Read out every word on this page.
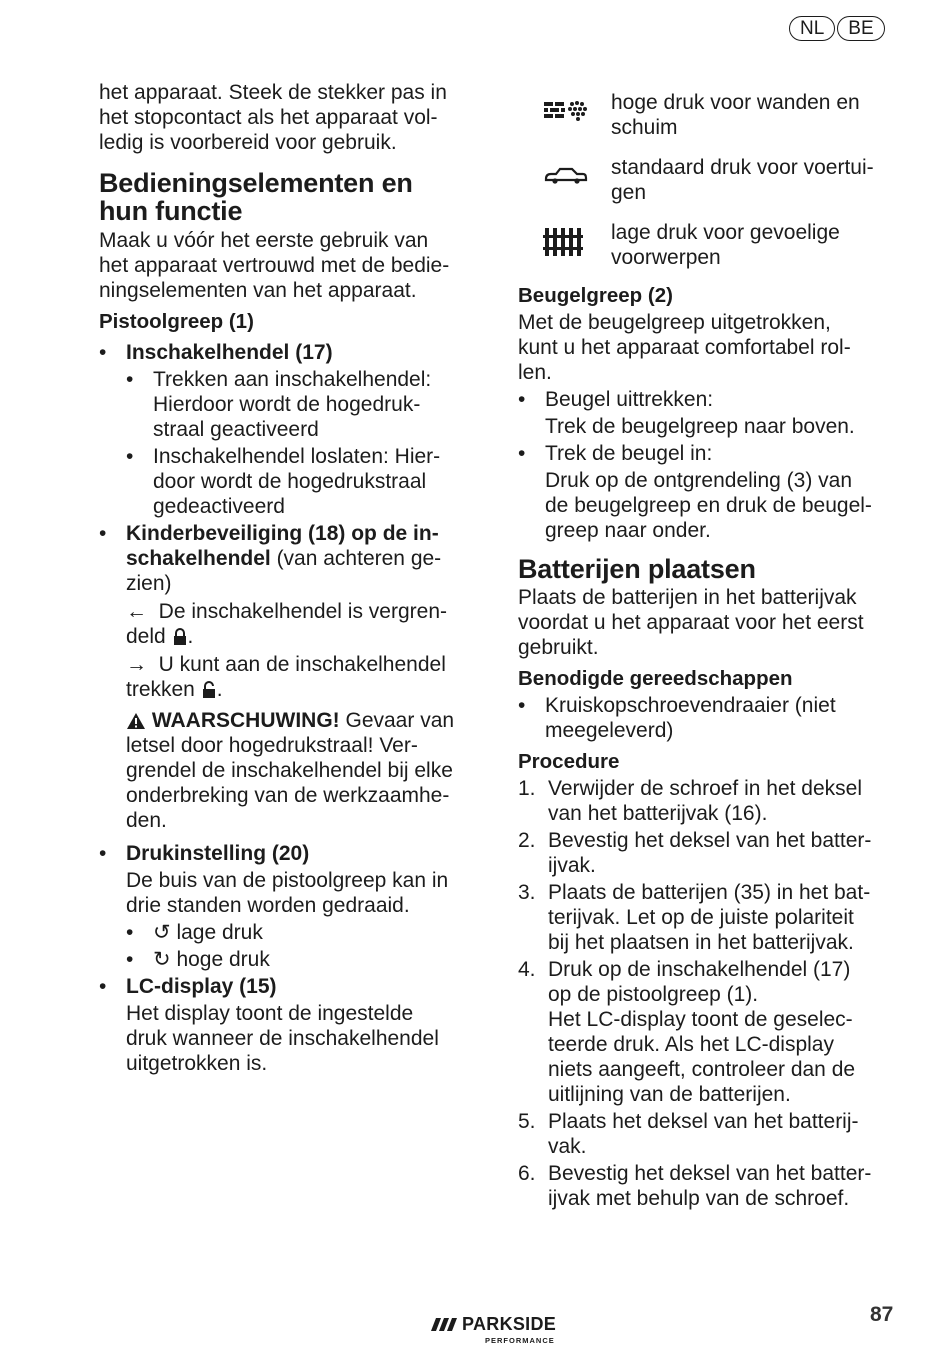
NL BE
het apparaat. Steek de stekker pas in
het stopcontact als het apparaat vol-
ledig is voorbereid voor gebruik.
Bedieningselementen en
hun functie
Maak u vóór het eerste gebruik van
het apparaat vertrouwd met de bedie-
ningselementen van het apparaat.
Pistoolgreep (1)
• Inschakelhendel (17)
• Trekken aan inschakelhendel:
Hierdoor wordt de hogedruk-
straal geactiveerd
• Inschakelhendel loslaten: Hier-
door wordt de hogedrukstraal
gedeactiveerd
• Kinderbeveiliging (18) op de in-
schakelhendel (van achteren ge-
zien)
←  De inschakelhendel is vergren-
deld .
→  U kunt aan de inschakelhendel
trekken .
WAARSCHUWING! Gevaar van
letsel door hogedrukstraal! Ver-
grendel de inschakelhendel bij elke
onderbreking van de werkzaamhe-
den.
• Drukinstelling (20)
De buis van de pistoolgreep kan in
drie standen worden gedraaid.
• ↺ lage druk
• ↻ hoge druk
• LC-display (15)
Het display toont de ingestelde
druk wanneer de inschakelhendel
uitgetrokken is.
hoge druk voor wanden en
schuim
standaard druk voor voertui-
gen
lage druk voor gevoelige
voorwerpen
Beugelgreep (2)
Met de beugelgreep uitgetrokken,
kunt u het apparaat comfortabel rol-
len.
• Beugel uittrekken:
Trek de beugelgreep naar boven.
• Trek de beugel in:
Druk op de ontgrendeling (3) van
de beugelgreep en druk de beugel-
greep naar onder.
Batterijen plaatsen
Plaats de batterijen in het batterijvak
voordat u het apparaat voor het eerst
gebruikt.
Benodigde gereedschappen
• Kruiskopschroevendraaier (niet
meegeleverd)
Procedure
1. Verwijder de schroef in het deksel
van het batterijvak (16).
2. Bevestig het deksel van het batter-
ijvak.
3. Plaats de batterijen (35) in het bat-
terijvak. Let op de juiste polariteit
bij het plaatsen in het batterijvak.
4. Druk op de inschakelhendel (17)
op de pistoolgreep (1).
Het LC-display toont de geselec-
teerde druk. Als het LC-display
niets aangeeft, controleer dan de
uitlijning van de batterijen.
5. Plaats het deksel van het batterij-
vak.
6. Bevestig het deksel van het batter-
ijvak met behulp van de schroef.
PARKSIDE
PERFORMANCE
87
